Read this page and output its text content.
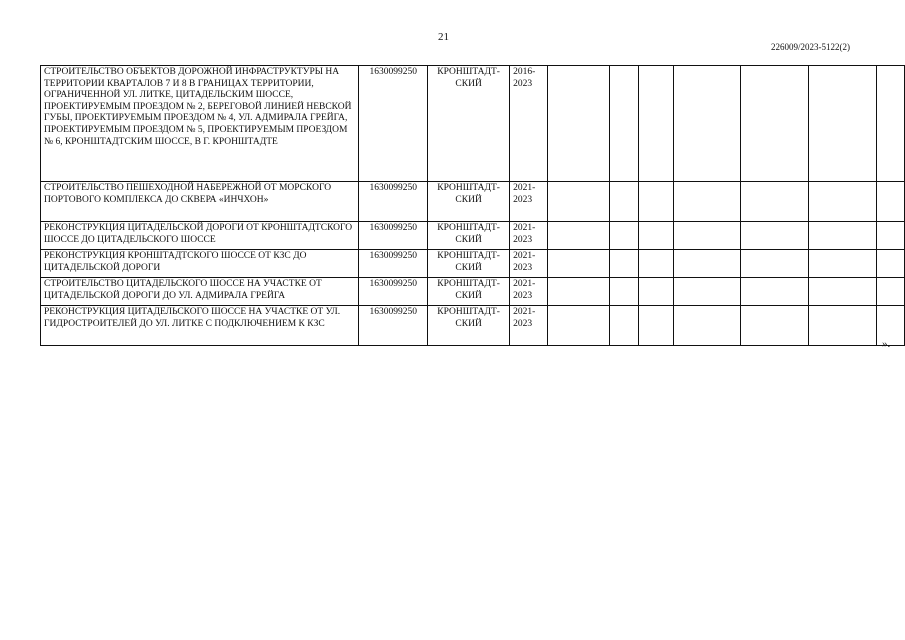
21
226009/2023-5122(2)
СТРОИТЕЛЬСТВО ОБЪЕКТОВ ДОРОЖНОЙ ИНФРАСТРУКТУРЫ НА ТЕРРИТОРИИ КВАРТАЛОВ 7 И 8 В ГРАНИЦАХ ТЕРРИТОРИИ, ОГРАНИЧЕННОЙ УЛ. ЛИТКЕ, ЦИТАДЕЛЬСКИМ ШОССЕ, ПРОЕКТИРУЕМЫМ ПРОЕЗДОМ № 2, БЕРЕГОВОЙ ЛИНИЕЙ НЕВСКОЙ ГУБЫ, ПРОЕКТИРУЕМЫМ ПРОЕЗДОМ № 4, УЛ. АДМИРАЛА ГРЕЙГА, ПРОЕКТИРУЕМЫМ ПРОЕЗДОМ № 5, ПРОЕКТИРУЕМЫМ ПРОЕЗДОМ № 6, КРОНШТАДТСКИМ ШОССЕ, В Г. КРОНШТАДТЕ	1630099250	КРОНШТАДТ-СКИЙ	2016-2023							
СТРОИТЕЛЬСТВО ПЕШЕХОДНОЙ НАБЕРЕЖНОЙ ОТ МОРСКОГО ПОРТОВОГО КОМПЛЕКСА ДО СКВЕРА «ИНЧХОН»	1630099250	КРОНШТАДТ-СКИЙ	2021-2023							
РЕКОНСТРУКЦИЯ ЦИТАДЕЛЬСКОЙ ДОРОГИ ОТ КРОНШТАДТСКОГО ШОССЕ ДО ЦИТАДЕЛЬСКОГО ШОССЕ	1630099250	КРОНШТАДТ-СКИЙ	2021-2023							
РЕКОНСТРУКЦИЯ КРОНШТАДТСКОГО ШОССЕ ОТ КЗС ДО ЦИТАДЕЛЬСКОЙ ДОРОГИ	1630099250	КРОНШТАДТ-СКИЙ	2021-2023							
СТРОИТЕЛЬСТВО ЦИТАДЕЛЬСКОГО ШОССЕ НА УЧАСТКЕ ОТ ЦИТАДЕЛЬСКОЙ ДОРОГИ ДО УЛ. АДМИРАЛА ГРЕЙГА	1630099250	КРОНШТАДТ-СКИЙ	2021-2023							
РЕКОНСТРУКЦИЯ ЦИТАДЕЛЬСКОГО ШОССЕ НА УЧАСТКЕ ОТ УЛ. ГИДРОСТРОИТЕЛЕЙ ДО УЛ. ЛИТКЕ С ПОДКЛЮЧЕНИЕМ К КЗС	1630099250	КРОНШТАДТ-СКИЙ	2021-2023							
».
